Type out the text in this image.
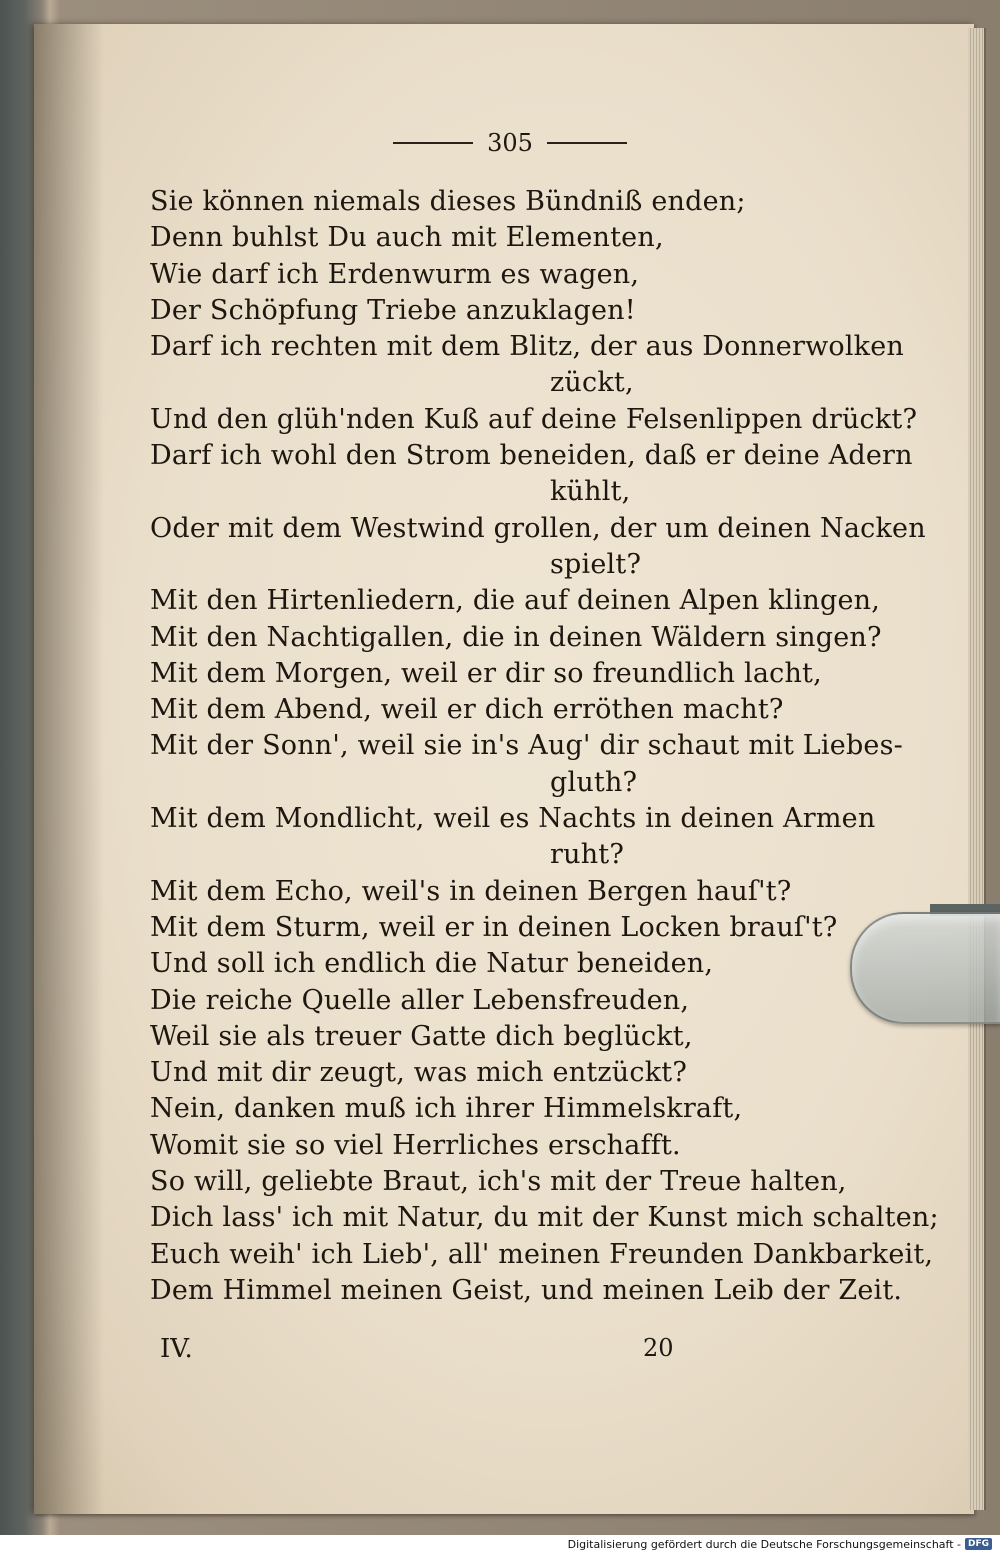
305
Sie können niemals dieses Bündniß enden;
Denn buhlst Du auch mit Elementen,
Wie darf ich Erdenwurm es wagen,
Der Schöpfung Triebe anzuklagen!
Darf ich rechten mit dem Blitz, der aus Donnerwolken
zückt,
Und den glüh'nden Kuß auf deine Felsenlippen drückt?
Darf ich wohl den Strom beneiden, daß er deine Adern
kühlt,
Oder mit dem Westwind grollen, der um deinen Nacken
spielt?
Mit den Hirtenliedern, die auf deinen Alpen klingen,
Mit den Nachtigallen, die in deinen Wäldern singen?
Mit dem Morgen, weil er dir so freundlich lacht,
Mit dem Abend, weil er dich erröthen macht?
Mit der Sonn', weil sie in's Aug' dir schaut mit Liebes-
gluth?
Mit dem Mondlicht, weil es Nachts in deinen Armen
ruht?
Mit dem Echo, weil's in deinen Bergen hauſ't?
Mit dem Sturm, weil er in deinen Locken brauſ't?
Und soll ich endlich die Natur beneiden,
Die reiche Quelle aller Lebensfreuden,
Weil sie als treuer Gatte dich beglückt,
Und mit dir zeugt, was mich entzückt?
Nein, danken muß ich ihrer Himmelskraft,
Womit sie so viel Herrliches erschafft.
So will, geliebte Braut, ich's mit der Treue halten,
Dich lass' ich mit Natur, du mit der Kunst mich schalten;
Euch weih' ich Lieb', all' meinen Freunden Dankbarkeit,
Dem Himmel meinen Geist, und meinen Leib der Zeit.
IV.	20
Digitalisierung gefördert durch die Deutsche Forschungsgemeinschaft - DFG
